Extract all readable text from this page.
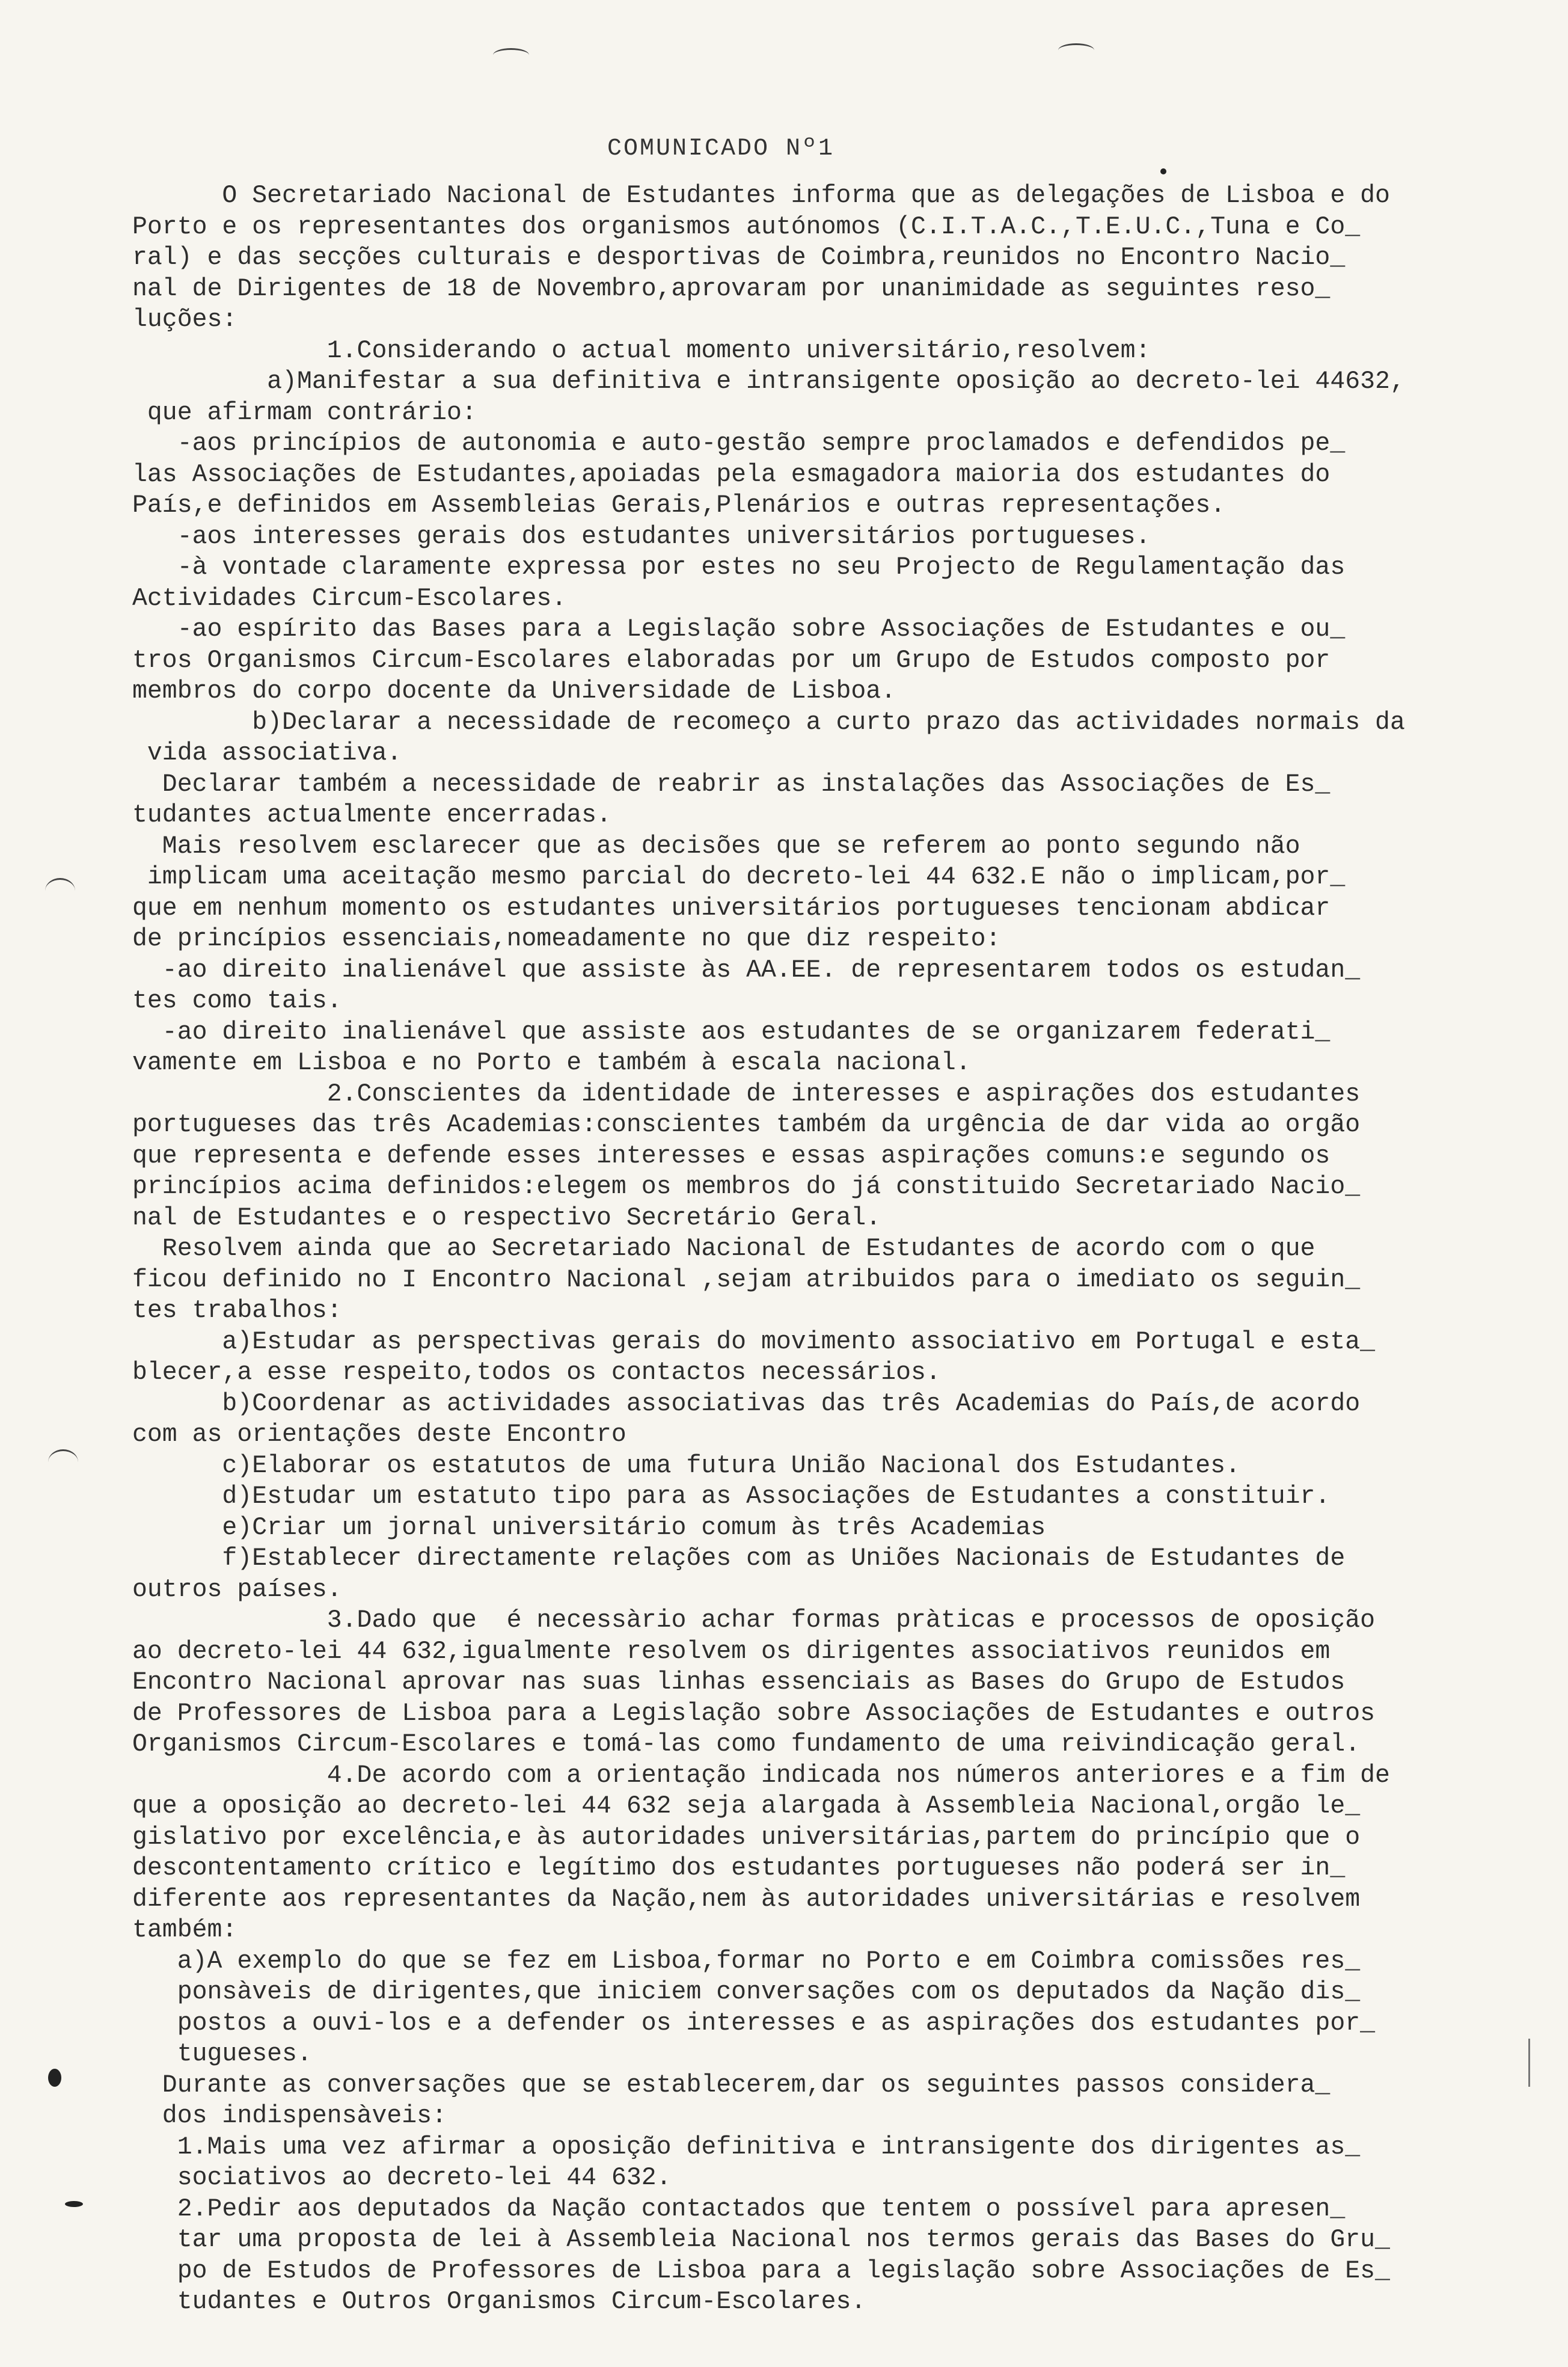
COMUNICADO Nº1
O Secretariado Nacional de Estudantes informa que as delegações de Lisboa e do
Porto e os representantes dos organismos autónomos (C.I.T.A.C.,T.E.U.C.,Tuna e Co_
ral) e das secções culturais e desportivas de Coimbra,reunidos no Encontro Nacio_
nal de Dirigentes de 18 de Novembro,aprovaram por unanimidade as seguintes reso_
luções:
1.Considerando o actual momento universitário,resolvem:
a)Manifestar a sua definitiva e intransigente oposição ao decreto-lei 44632,
que afirmam contrário:
-aos princípios de autonomia e auto-gestão sempre proclamados e defendidos pe_
las Associações de Estudantes,apoiadas pela esmagadora maioria dos estudantes do
País,e definidos em Assembleias Gerais,Plenários e outras representações.
-aos interesses gerais dos estudantes universitários portugueses.
-à vontade claramente expressa por estes no seu Projecto de Regulamentação das
Actividades Circum-Escolares.
-ao espírito das Bases para a Legislação sobre Associações de Estudantes e ou_
tros Organismos Circum-Escolares elaboradas por um Grupo de Estudos composto por
membros do corpo docente da Universidade de Lisboa.
b)Declarar a necessidade de recomeço a curto prazo das actividades normais da
vida associativa.
Declarar também a necessidade de reabrir as instalações das Associações de Es_
tudantes actualmente encerradas.
Mais resolvem esclarecer que as decisões que se referem ao ponto segundo não
implicam uma aceitação mesmo parcial do decreto-lei 44 632.E não o implicam,por_
que em nenhum momento os estudantes universitários portugueses tencionam abdicar
de princípios essenciais,nomeadamente no que diz respeito:
-ao direito inalienável que assiste às AA.EE. de representarem todos os estudan_
tes como tais.
-ao direito inalienável que assiste aos estudantes de se organizarem federati_
vamente em Lisboa e no Porto e também à escala nacional.
2.Conscientes da identidade de interesses e aspirações dos estudantes
portugueses das três Academias:conscientes também da urgência de dar vida ao orgão
que representa e defende esses interesses e essas aspirações comuns:e segundo os
princípios acima definidos:elegem os membros do já constituido Secretariado Nacio_
nal de Estudantes e o respectivo Secretário Geral.
Resolvem ainda que ao Secretariado Nacional de Estudantes de acordo com o que
ficou definido no I Encontro Nacional ,sejam atribuidos para o imediato os seguin_
tes trabalhos:
a)Estudar as perspectivas gerais do movimento associativo em Portugal e esta_
blecer,a esse respeito,todos os contactos necessários.
b)Coordenar as actividades associativas das três Academias do País,de acordo
com as orientações deste Encontro
c)Elaborar os estatutos de uma futura União Nacional dos Estudantes.
d)Estudar um estatuto tipo para as Associações de Estudantes a constituir.
e)Criar um jornal universitário comum às três Academias
f)Establecer directamente relações com as Uniões Nacionais de Estudantes de
outros países.
3.Dado que  é necessàrio achar formas pràticas e processos de oposição
ao decreto-lei 44 632,igualmente resolvem os dirigentes associativos reunidos em
Encontro Nacional aprovar nas suas linhas essenciais as Bases do Grupo de Estudos
de Professores de Lisboa para a Legislação sobre Associações de Estudantes e outros
Organismos Circum-Escolares e tomá-las como fundamento de uma reivindicação geral.
4.De acordo com a orientação indicada nos números anteriores e a fim de
que a oposição ao decreto-lei 44 632 seja alargada à Assembleia Nacional,orgão le_
gislativo por excelência,e às autoridades universitárias,partem do princípio que o
descontentamento crítico e legítimo dos estudantes portugueses não poderá ser in_
diferente aos representantes da Nação,nem às autoridades universitárias e resolvem
também:
a)A exemplo do que se fez em Lisboa,formar no Porto e em Coimbra comissões res_
ponsàveis de dirigentes,que iniciem conversações com os deputados da Nação dis_
postos a ouvi-los e a defender os interesses e as aspirações dos estudantes por_
tugueses.
Durante as conversações que se establecerem,dar os seguintes passos considera_
dos indispensàveis:
1.Mais uma vez afirmar a oposição definitiva e intransigente dos dirigentes as_
sociativos ao decreto-lei 44 632.
2.Pedir aos deputados da Nação contactados que tentem o possível para apresen_
tar uma proposta de lei à Assembleia Nacional nos termos gerais das Bases do Gru_
po de Estudos de Professores de Lisboa para a legislação sobre Associações de Es_
tudantes e Outros Organismos Circum-Escolares.
